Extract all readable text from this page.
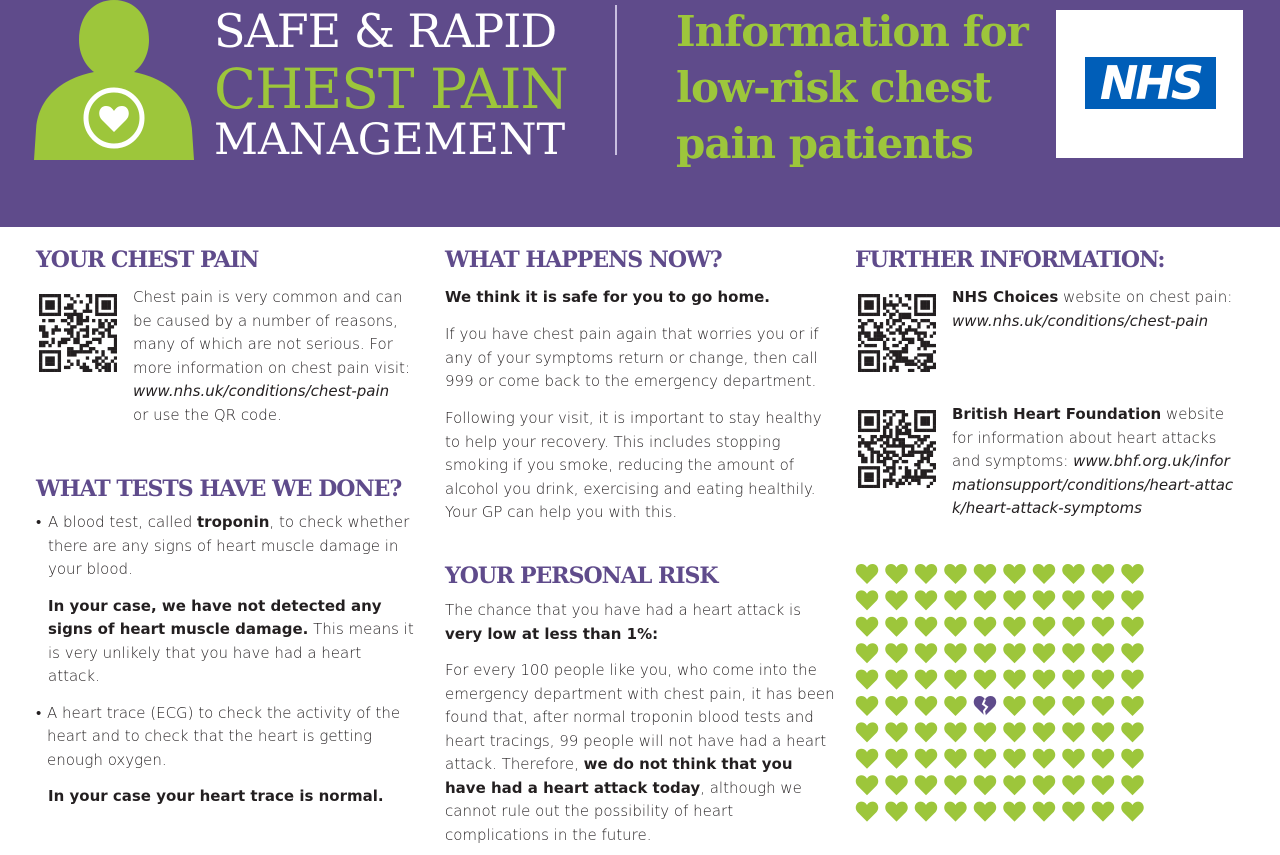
SAFE & RAPID
CHEST PAIN
MANAGEMENT
Information for
low-risk chest
pain patients
NHS
YOUR CHEST PAIN

Chest pain is very common and can be caused by a number of reasons, many of which are not serious. For more information on chest pain visit:
www.nhs.uk/conditions/chest-pain
or use the QR code.

WHAT TESTS HAVE WE DONE?
• A blood test, called troponin, to check whether there are any signs of heart muscle damage in your blood.
In your case, we have not detected any signs of heart muscle damage. This means it is very unlikely that you have had a heart attack.
• A heart trace (ECG) to check the activity of the heart and to check that the heart is getting enough oxygen.
In your case your heart trace is normal.
WHAT HAPPENS NOW?

We think it is safe for you to go home.

If you have chest pain again that worries you or if any of your symptoms return or change, then call 999 or come back to the emergency department.

Following your visit, it is important to stay healthy to help your recovery. This includes stopping smoking if you smoke, reducing the amount of alcohol you drink, exercising and eating healthily. Your GP can help you with this.

YOUR PERSONAL RISK

The chance that you have had a heart attack is
very low at less than 1%:

For every 100 people like you, who come into the emergency department with chest pain, it has been found that, after normal troponin blood tests and heart tracings, 99 people will not have had a heart attack. Therefore, we do not think that you have had a heart attack today, although we cannot rule out the possibility of heart complications in the future.

FURTHER INFORMATION:

NHS Choices website on chest pain:
www.nhs.uk/conditions/chest-pain

British Heart Foundation website for information about heart attacks and symptoms: www.bhf.org.uk/informationsupport/conditions/heart-attack/heart-attack-symptoms
